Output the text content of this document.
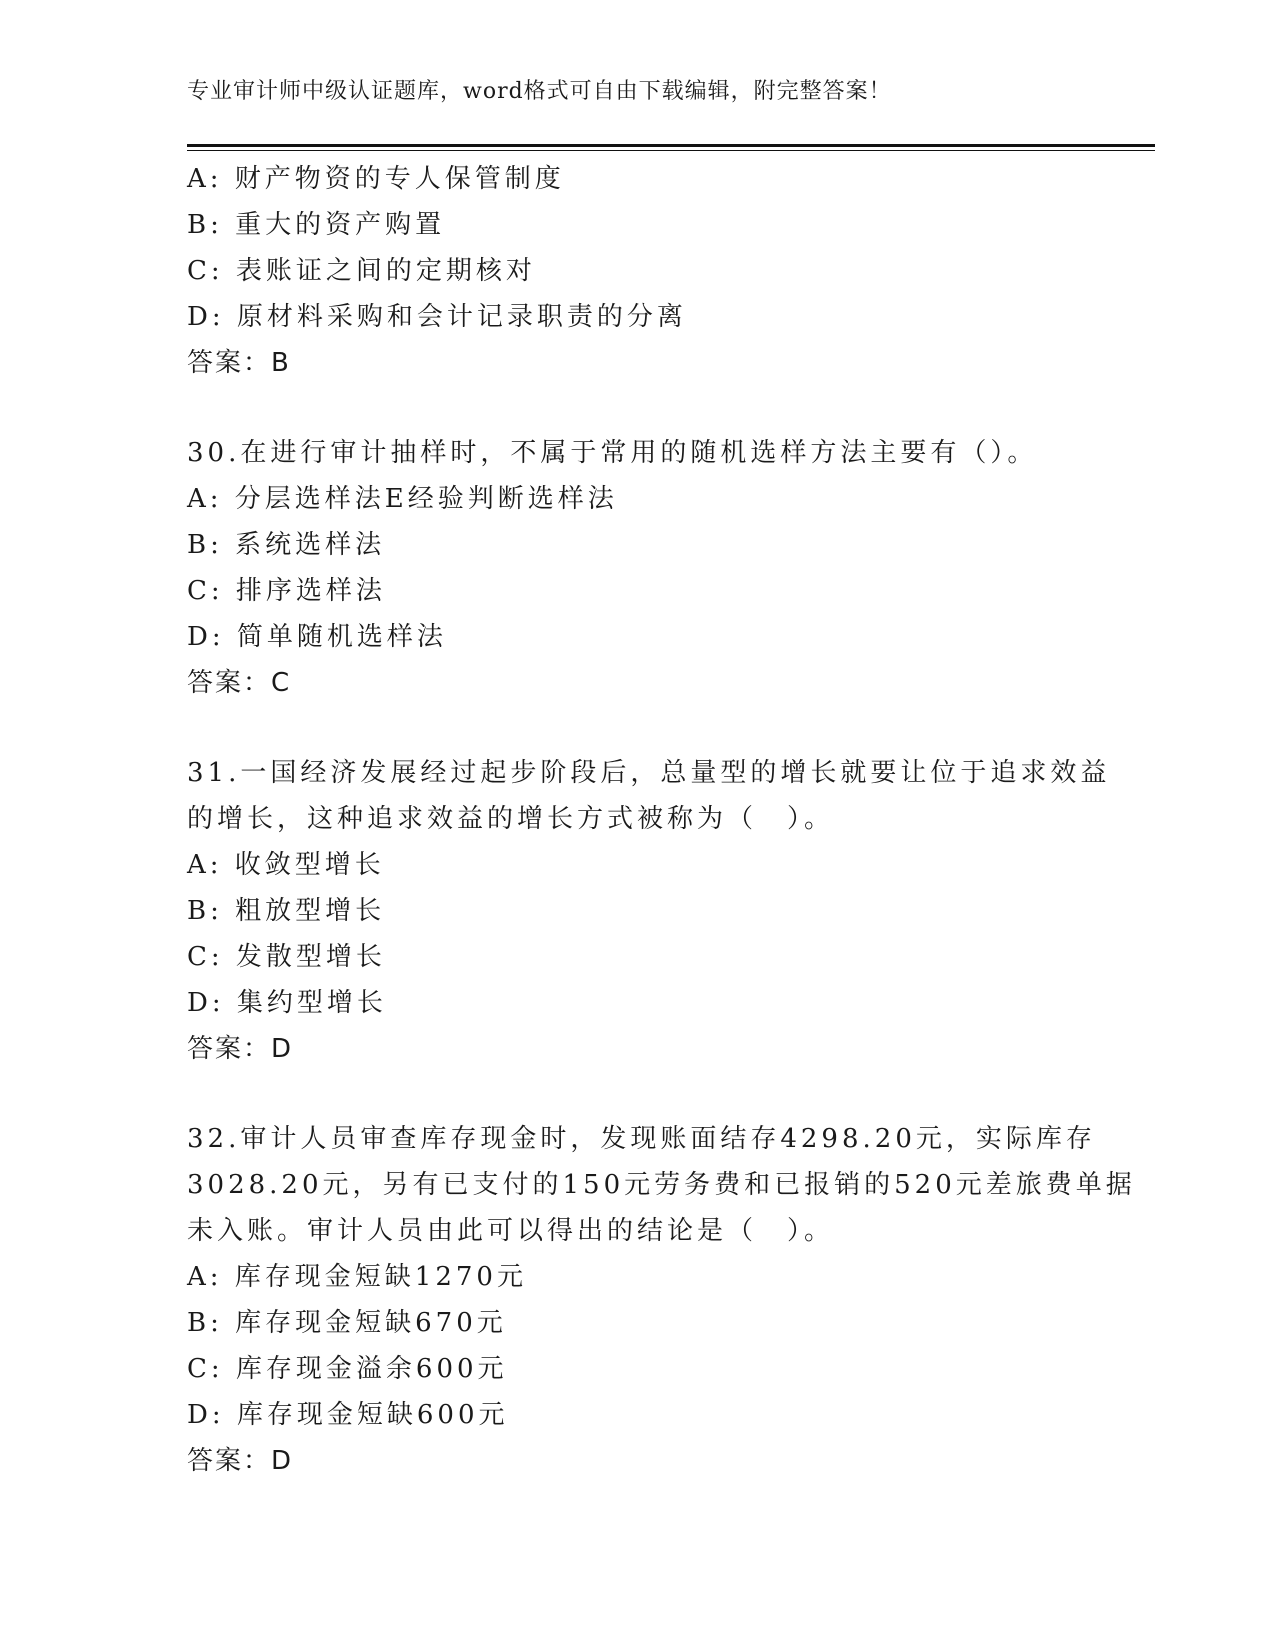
专业审计师中级认证题库，word格式可自由下载编辑，附完整答案！
A: 财产物资的专人保管制度
B: 重大的资产购置
C: 表账证之间的定期核对
D: 原材料采购和会计记录职责的分离
答案：B
30.在进行审计抽样时，不属于常用的随机选样方法主要有（）。
A: 分层选样法E经验判断选样法
B: 系统选样法
C: 排序选样法
D: 简单随机选样法
答案：C
31.一国经济发展经过起步阶段后，总量型的增长就要让位于追求效益
的增长，这种追求效益的增长方式被称为（　）。
A: 收敛型增长
B: 粗放型增长
C: 发散型增长
D: 集约型增长
答案：D
32.审计人员审查库存现金时，发现账面结存4298.20元，实际库存
3028.20元，另有已支付的150元劳务费和已报销的520元差旅费单据
未入账。审计人员由此可以得出的结论是（　）。
A: 库存现金短缺1270元
B: 库存现金短缺670元
C: 库存现金溢余600元
D: 库存现金短缺600元
答案：D
